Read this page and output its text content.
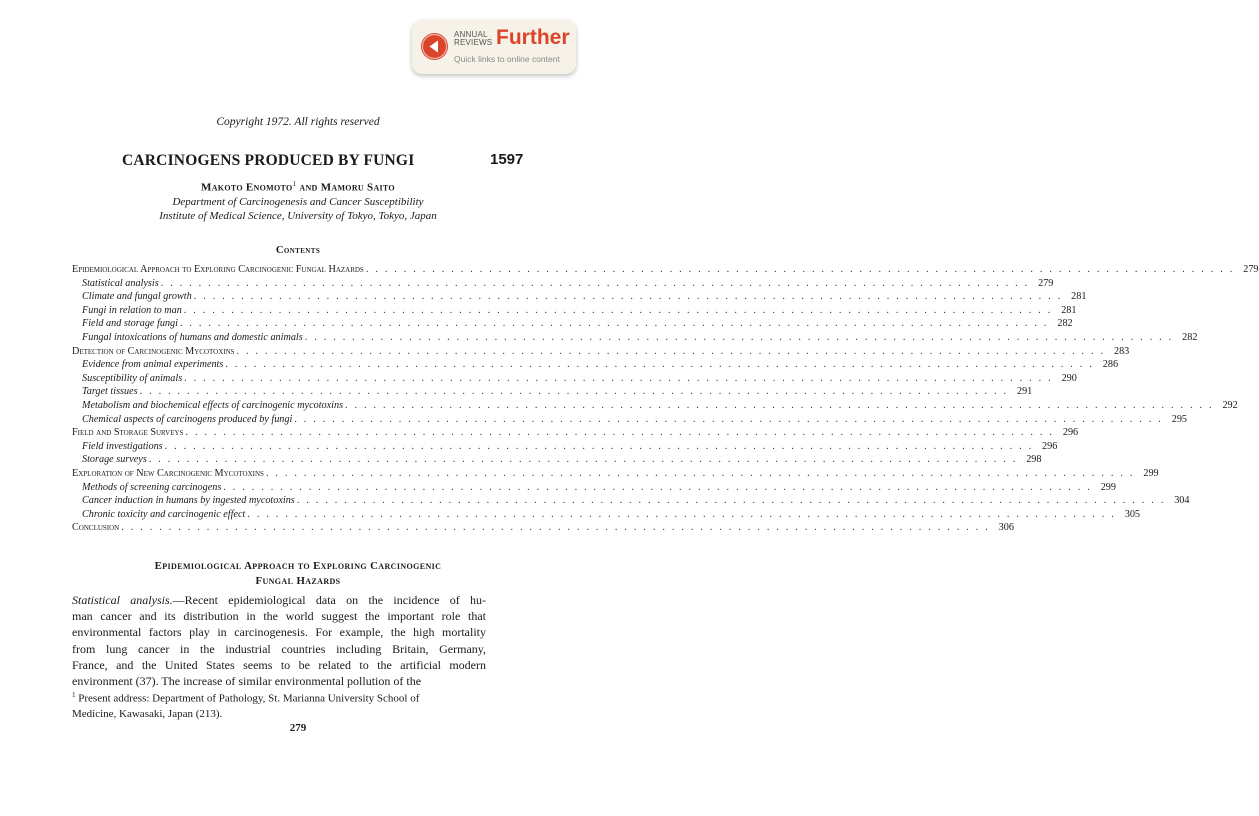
ANNUAL
REVIEWS Further
Quick links to online content
Copyright 1972. All rights reserved
CARCINOGENS PRODUCED BY FUNGI	1597
Makoto Enomoto$^1$ and Mamoru Saito
Department of Carcinogenesis and Cancer Susceptibility
Institute of Medical Science, University of Tokyo, Tokyo, Japan
Contents
Epidemiological Approach to Exploring Carcinogenic Fungal Hazards . . . . . . . . . . . . . . . . . . . . . . . . . . . . . . . . . . . . . . . . . . . . . . . . . . . . . . . . . . . . . . . . . . . . . . . . . . . . . . . . . . . . . . . . . . . . 279
Statistical analysis . . . . . . . . . . . . . . . . . . . . . . . . . . . . . . . . . . . . . . . . . . . . . . . . . . . . . . . . . . . . . . . . . . . . . . . . . . . . . . . . . . . . . . . . . . . . 279
Climate and fungal growth . . . . . . . . . . . . . . . . . . . . . . . . . . . . . . . . . . . . . . . . . . . . . . . . . . . . . . . . . . . . . . . . . . . . . . . . . . . . . . . . . . . . . . . . . . . . 281
Fungi in relation to man . . . . . . . . . . . . . . . . . . . . . . . . . . . . . . . . . . . . . . . . . . . . . . . . . . . . . . . . . . . . . . . . . . . . . . . . . . . . . . . . . . . . . . . . . . . . 281
Field and storage fungi . . . . . . . . . . . . . . . . . . . . . . . . . . . . . . . . . . . . . . . . . . . . . . . . . . . . . . . . . . . . . . . . . . . . . . . . . . . . . . . . . . . . . . . . . . . . 282
Fungal intoxications of humans and domestic animals . . . . . . . . . . . . . . . . . . . . . . . . . . . . . . . . . . . . . . . . . . . . . . . . . . . . . . . . . . . . . . . . . . . . . . . . . . . . . . . . . . . . . . . . . . . . 282
Detection of Carcinogenic Mycotoxins . . . . . . . . . . . . . . . . . . . . . . . . . . . . . . . . . . . . . . . . . . . . . . . . . . . . . . . . . . . . . . . . . . . . . . . . . . . . . . . . . . . . . . . . . . . . 283
Evidence from animal experiments . . . . . . . . . . . . . . . . . . . . . . . . . . . . . . . . . . . . . . . . . . . . . . . . . . . . . . . . . . . . . . . . . . . . . . . . . . . . . . . . . . . . . . . . . . . . 286
Susceptibility of animals . . . . . . . . . . . . . . . . . . . . . . . . . . . . . . . . . . . . . . . . . . . . . . . . . . . . . . . . . . . . . . . . . . . . . . . . . . . . . . . . . . . . . . . . . . . . 290
Target tissues . . . . . . . . . . . . . . . . . . . . . . . . . . . . . . . . . . . . . . . . . . . . . . . . . . . . . . . . . . . . . . . . . . . . . . . . . . . . . . . . . . . . . . . . . . . . 291
Metabolism and biochemical effects of carcinogenic mycotoxins . . . . . . . . . . . . . . . . . . . . . . . . . . . . . . . . . . . . . . . . . . . . . . . . . . . . . . . . . . . . . . . . . . . . . . . . . . . . . . . . . . . . . . . . . . . . 292
Chemical aspects of carcinogens produced by fungi . . . . . . . . . . . . . . . . . . . . . . . . . . . . . . . . . . . . . . . . . . . . . . . . . . . . . . . . . . . . . . . . . . . . . . . . . . . . . . . . . . . . . . . . . . . . 295
Field and Storage Surveys . . . . . . . . . . . . . . . . . . . . . . . . . . . . . . . . . . . . . . . . . . . . . . . . . . . . . . . . . . . . . . . . . . . . . . . . . . . . . . . . . . . . . . . . . . . . 296
Field investigations . . . . . . . . . . . . . . . . . . . . . . . . . . . . . . . . . . . . . . . . . . . . . . . . . . . . . . . . . . . . . . . . . . . . . . . . . . . . . . . . . . . . . . . . . . . . 296
Storage surveys . . . . . . . . . . . . . . . . . . . . . . . . . . . . . . . . . . . . . . . . . . . . . . . . . . . . . . . . . . . . . . . . . . . . . . . . . . . . . . . . . . . . . . . . . . . . 298
Exploration of New Carcinogenic Mycotoxins . . . . . . . . . . . . . . . . . . . . . . . . . . . . . . . . . . . . . . . . . . . . . . . . . . . . . . . . . . . . . . . . . . . . . . . . . . . . . . . . . . . . . . . . . . . . 299
Methods of screening carcinogens . . . . . . . . . . . . . . . . . . . . . . . . . . . . . . . . . . . . . . . . . . . . . . . . . . . . . . . . . . . . . . . . . . . . . . . . . . . . . . . . . . . . . . . . . . . . 299
Cancer induction in humans by ingested mycotoxins . . . . . . . . . . . . . . . . . . . . . . . . . . . . . . . . . . . . . . . . . . . . . . . . . . . . . . . . . . . . . . . . . . . . . . . . . . . . . . . . . . . . . . . . . . . . 304
Chronic toxicity and carcinogenic effect . . . . . . . . . . . . . . . . . . . . . . . . . . . . . . . . . . . . . . . . . . . . . . . . . . . . . . . . . . . . . . . . . . . . . . . . . . . . . . . . . . . . . . . . . . . . 305
Conclusion . . . . . . . . . . . . . . . . . . . . . . . . . . . . . . . . . . . . . . . . . . . . . . . . . . . . . . . . . . . . . . . . . . . . . . . . . . . . . . . . . . . . . . . . . . . . 306
Epidemiological Approach to Exploring Carcinogenic
Fungal Hazards
Statistical analysis.—Recent epidemiological data on the incidence of hu-
man cancer and its distribution in the world suggest the important role that
environmental factors play in carcinogenesis. For example, the high mortality
from lung cancer in the industrial countries including Britain, Germany,
France, and the United States seems to be related to the artificial modern
environment (37). The increase of similar environmental pollution of the
$^1$ Present address: Department of Pathology, St. Marianna University School of
Medicine, Kawasaki, Japan (213).
279
